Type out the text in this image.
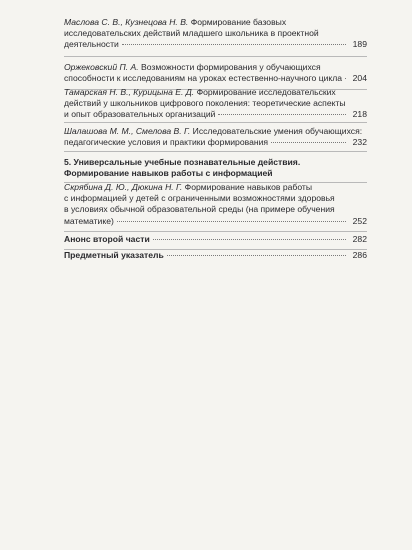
Маслова С. В., Кузнецова Н. В. Формирование базовых
исследовательских действий младшего школьника в проектной
деятельности	189
Оржековский П. А. Возможности формирования у обучающихся
способности к исследованиям на уроках естественно-научного цикла	204
Тамарская Н. В., Курицына Е. Д. Формирование исследовательских
действий у школьников цифрового поколения: теоретические аспекты
и опыт образовательных организаций	218
Шалашова М. М., Смелова В. Г. Исследовательские умения обучающихся:
педагогические условия и практики формирования	232
5. Универсальные учебные познавательные действия.
Формирование навыков работы с информацией
Скрябина Д. Ю., Дюкина Н. Г. Формирование навыков работы
с информацией у детей с ограниченными возможностями здоровья
в условиях обычной образовательной среды (на примере обучения
математике)	252
Анонс второй части	282
Предметный указатель	286
